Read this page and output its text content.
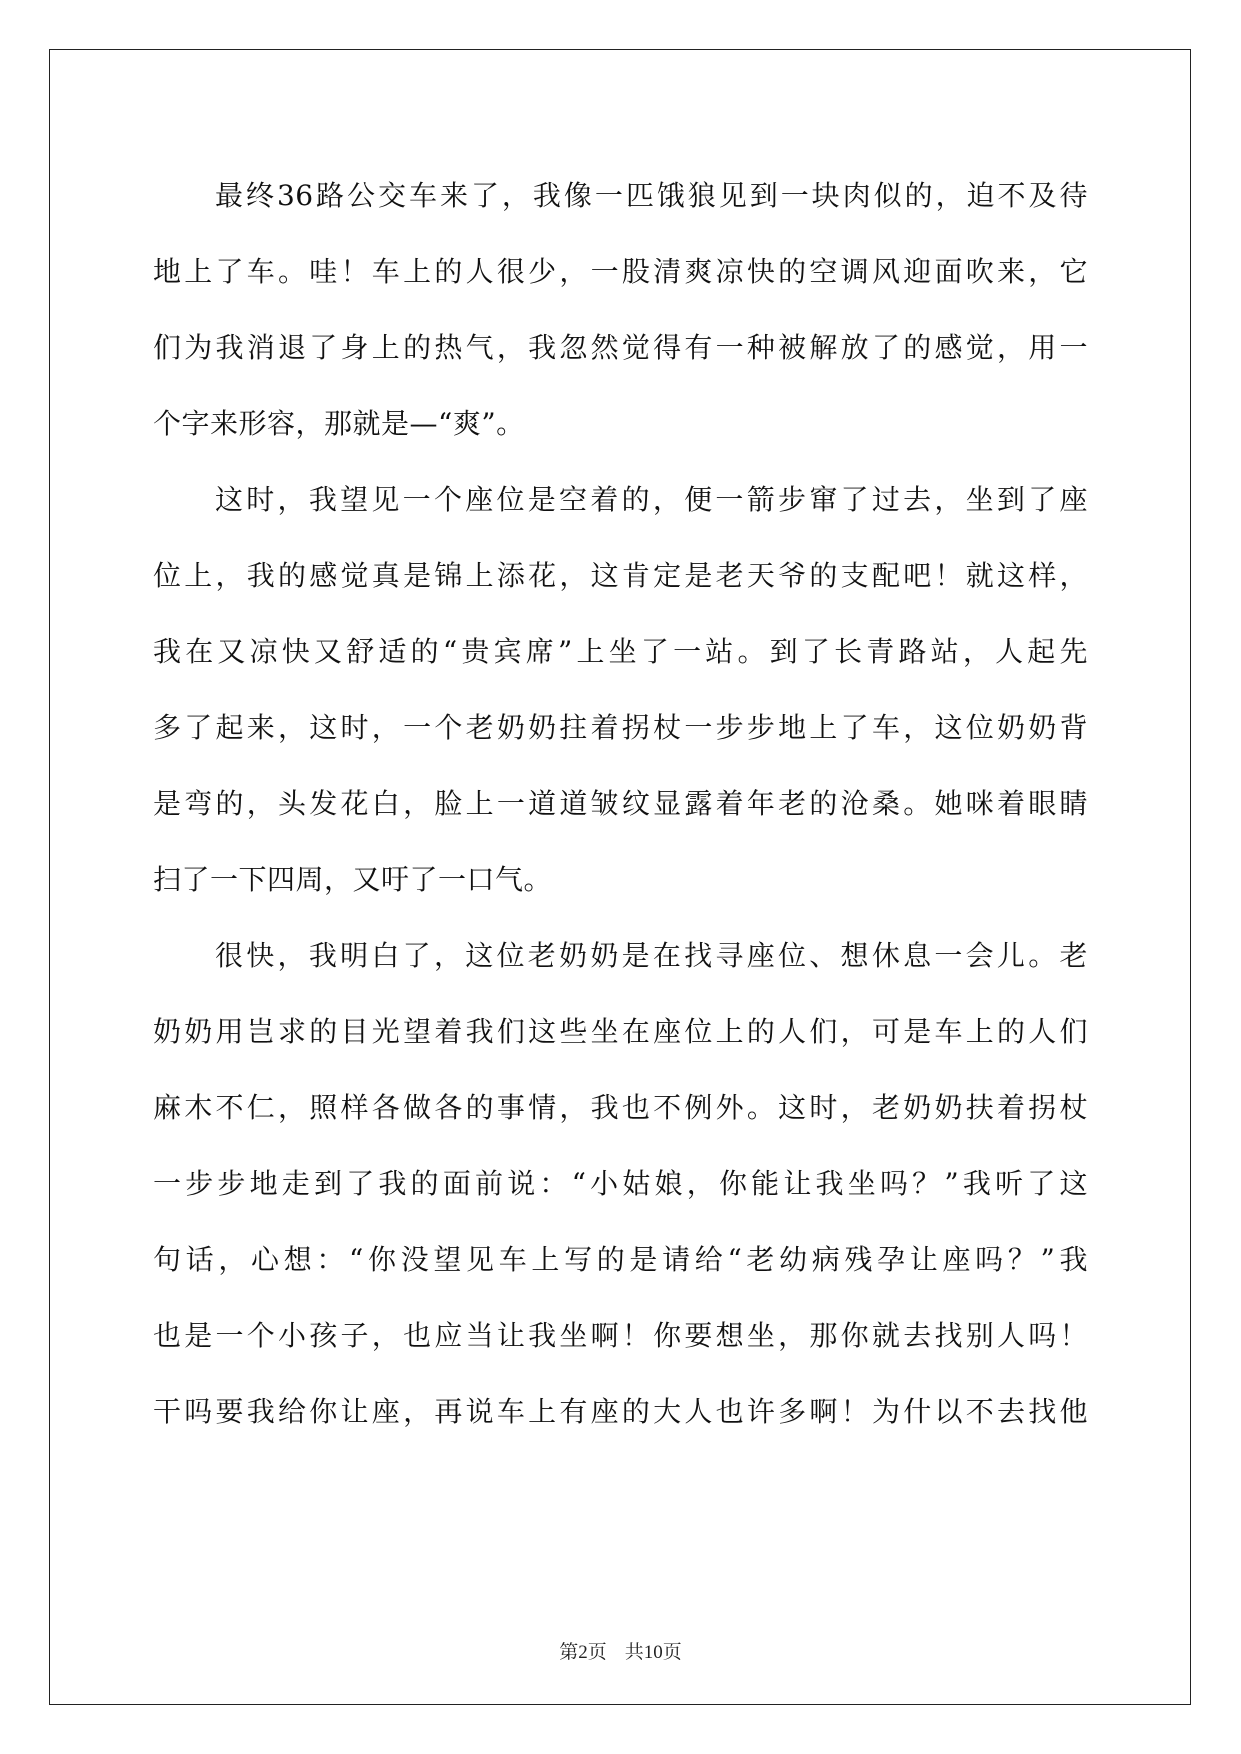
最终36路公交车来了，我像一匹饿狼见到一块肉似的，迫不及待
地上了车。哇！车上的人很少，一股清爽凉快的空调风迎面吹来，它
们为我消退了身上的热气，我忽然觉得有一种被解放了的感觉，用一
个字来形容，那就是—“爽”。
这时，我望见一个座位是空着的，便一箭步窜了过去，坐到了座
位上，我的感觉真是锦上添花，这肯定是老天爷的支配吧！就这样，
我在又凉快又舒适的“贵宾席”上坐了一站。到了长青路站，人起先
多了起来，这时，一个老奶奶拄着拐杖一步步地上了车，这位奶奶背
是弯的，头发花白，脸上一道道皱纹显露着年老的沧桑。她咪着眼睛
扫了一下四周，又吁了一口气。
很快，我明白了，这位老奶奶是在找寻座位、想休息一会儿。老
奶奶用岂求的目光望着我们这些坐在座位上的人们，可是车上的人们
麻木不仁，照样各做各的事情，我也不例外。这时，老奶奶扶着拐杖
一步步地走到了我的面前说：“小姑娘，你能让我坐吗？”我听了这
句话，心想：“你没望见车上写的是请给“老幼病残孕让座吗？”我
也是一个小孩子，也应当让我坐啊！你要想坐，那你就去找别人吗！
干吗要我给你让座，再说车上有座的大人也许多啊！为什以不去找他
第2页 共10页
